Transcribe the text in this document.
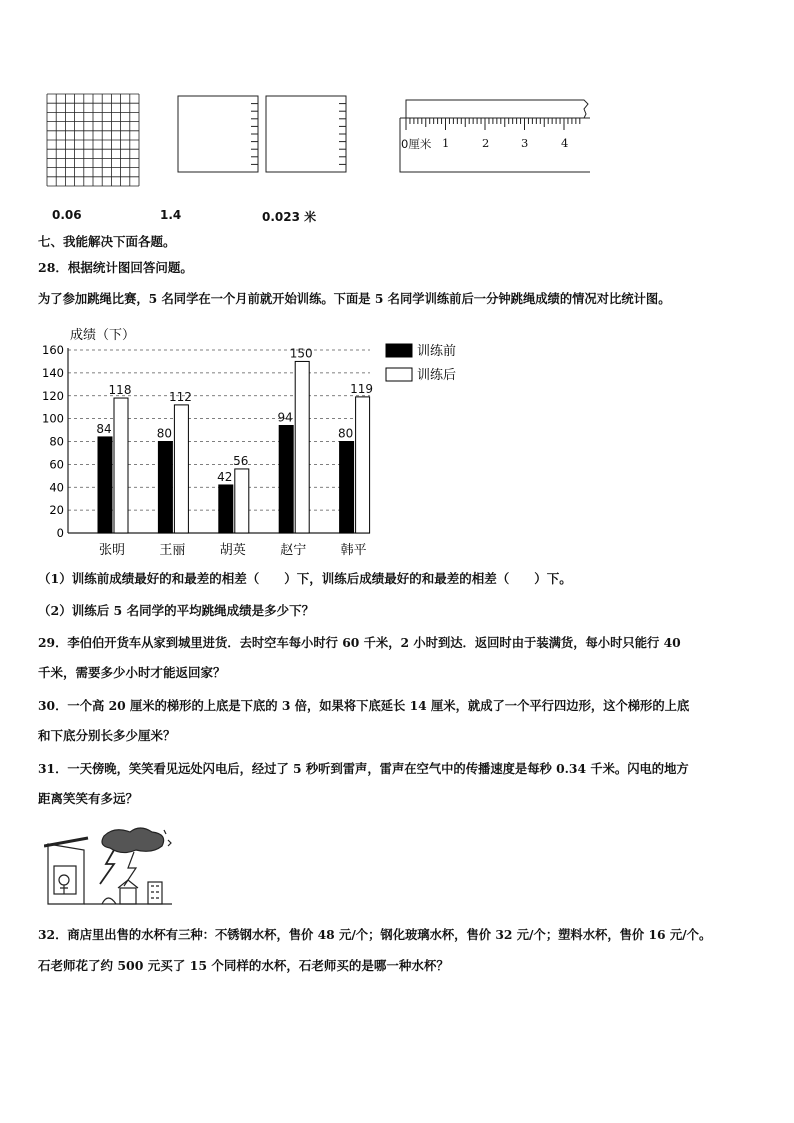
0厘米 1	2	3	4
0.06	1.4	0.023 米
七、我能解决下面各题。
28．根据统计图回答问题。
为了参加跳绳比赛，5 名同学在一个月前就开始训练。下面是 5 名同学训练前后一分钟跳绳成绩的情况对比统计图。
成绩（下）
0
20
40
60
80
100
120
140
160
84
118
张明
80
112
王丽
42
56
胡英
94
150
赵宁
80
119
韩平
训练前
训练后
（1）训练前成绩最好的和最差的相差（　　）下，训练后成绩最好的和最差的相差（　　）下。
（2）训练后 5 名同学的平均跳绳成绩是多少下？
29．李伯伯开货车从家到城里进货．去时空车每小时行 60 千米，2 小时到达．返回时由于装满货，每小时只能行 40
千米，需要多少小时才能返回家？
30．一个高 20 厘米的梯形的上底是下底的 3 倍，如果将下底延长 14 厘米，就成了一个平行四边形，这个梯形的上底
和下底分别长多少厘米？
31．一天傍晚，笑笑看见远处闪电后，经过了 5 秒听到雷声，雷声在空气中的传播速度是每秒 0.34 千米。闪电的地方
距离笑笑有多远？
32．商店里出售的水杯有三种：不锈钢水杯，售价 48 元/个；钢化玻璃水杯，售价 32 元/个；塑料水杯，售价 16 元/个。
石老师花了约 500 元买了 15 个同样的水杯，石老师买的是哪一种水杯？
